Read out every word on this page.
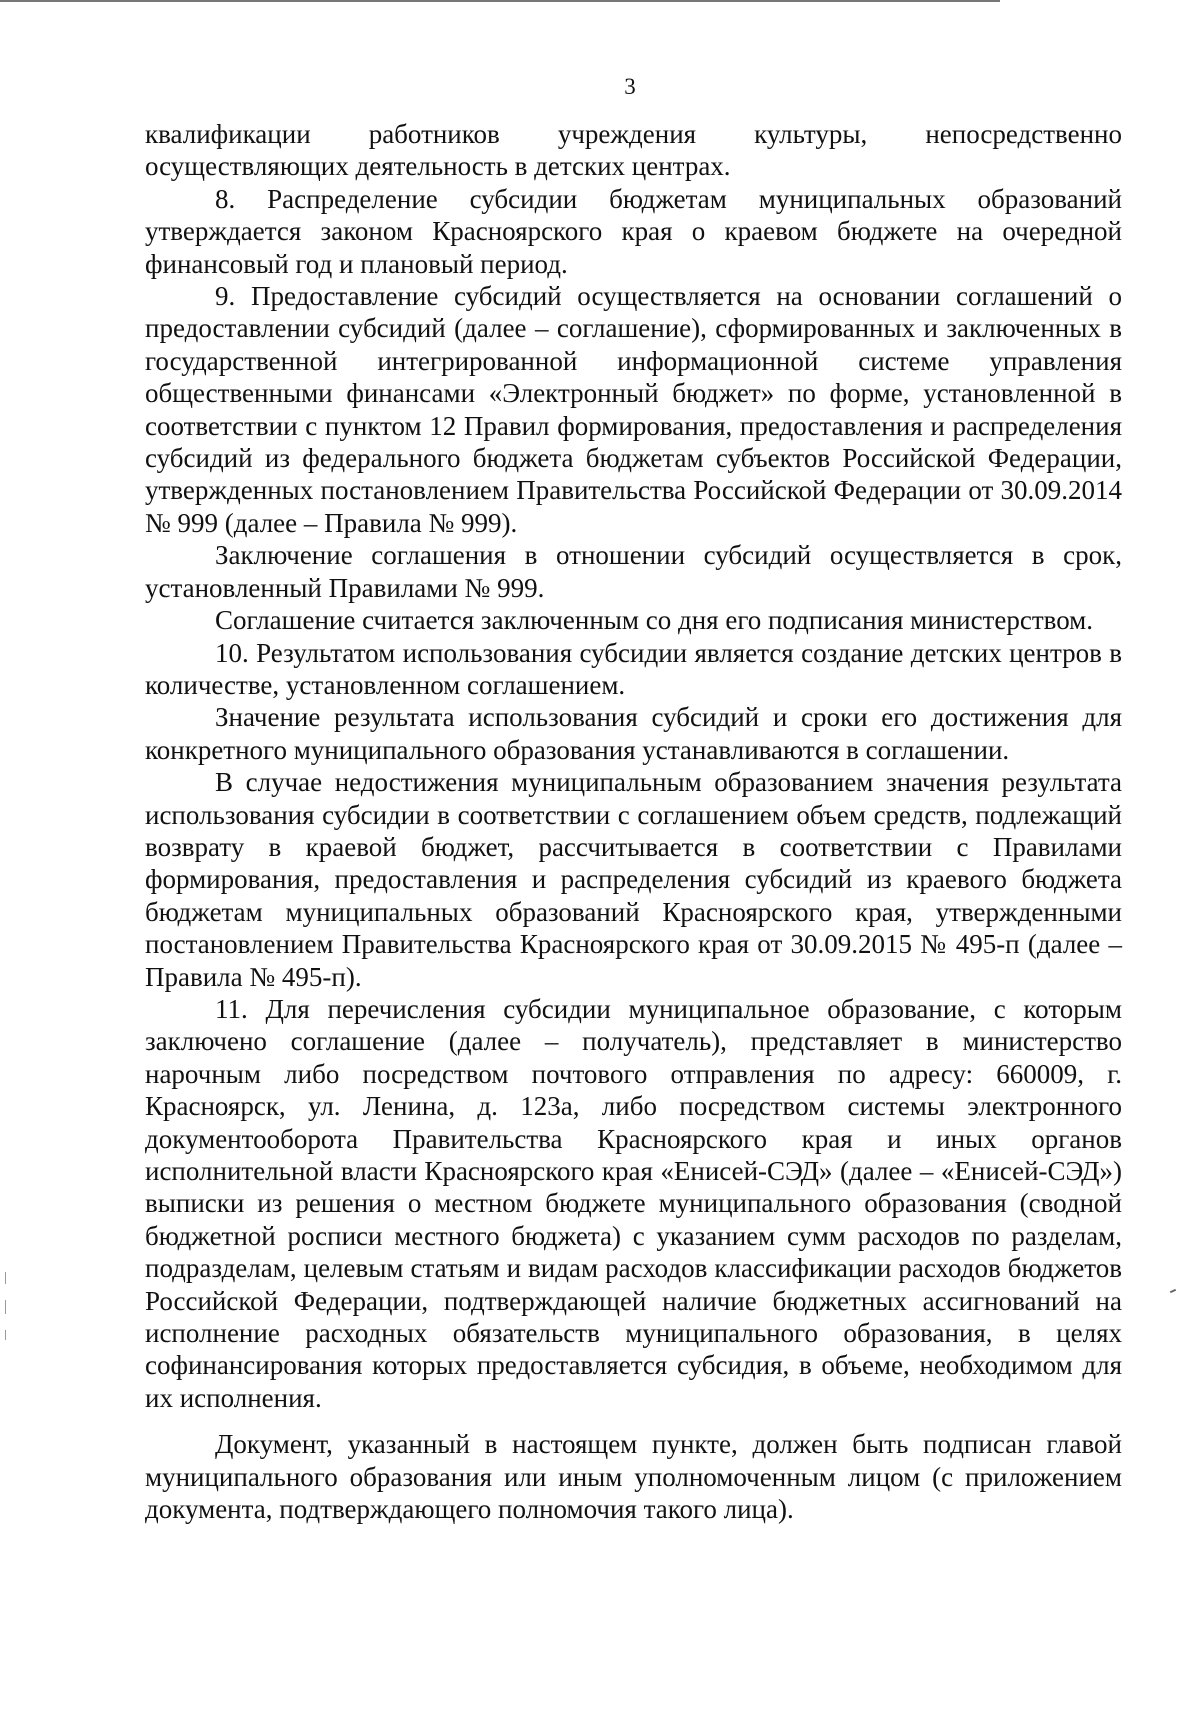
3

квалификации работников учреждения культуры, непосредственно осуществляющих деятельность в детских центрах.

8. Распределение субсидии бюджетам муниципальных образований утверждается законом Красноярского края о краевом бюджете на очередной финансовый год и плановый период.

9. Предоставление субсидий осуществляется на основании соглашений о предоставлении субсидий (далее – соглашение), сформированных и заключенных в государственной интегрированной информационной системе управления общественными финансами «Электронный бюджет» по форме, установленной в соответствии с пунктом 12 Правил формирования, предоставления и распределения субсидий из федерального бюджета бюджетам субъектов Российской Федерации, утвержденных постановлением Правительства Российской Федерации от 30.09.2014 № 999 (далее – Правила № 999).

Заключение соглашения в отношении субсидий осуществляется в срок, установленный Правилами № 999.

Соглашение считается заключенным со дня его подписания министерством.

10. Результатом использования субсидии является создание детских центров в количестве, установленном соглашением.

Значение результата использования субсидий и сроки его достижения для конкретного муниципального образования устанавливаются в соглашении.

В случае недостижения муниципальным образованием значения результата использования субсидии в соответствии с соглашением объем средств, подлежащий возврату в краевой бюджет, рассчитывается в соответствии с Правилами формирования, предоставления и распределения субсидий из краевого бюджета бюджетам муниципальных образований Красноярского края, утвержденными постановлением Правительства Красноярского края от 30.09.2015 № 495-п (далее – Правила № 495-п).

11. Для перечисления субсидии муниципальное образование, с которым заключено соглашение (далее – получатель), представляет в министерство нарочным либо посредством почтового отправления по адресу: 660009, г. Красноярск, ул. Ленина, д. 123а, либо посредством системы электронного документооборота Правительства Красноярского края и иных органов исполнительной власти Красноярского края «Енисей-СЭД» (далее – «Енисей-СЭД») выписки из решения о местном бюджете муниципального образования (сводной бюджетной росписи местного бюджета) с указанием сумм расходов по разделам, подразделам, целевым статьям и видам расходов классификации расходов бюджетов Российской Федерации, подтверждающей наличие бюджетных ассигнований на исполнение расходных обязательств муниципального образования, в целях софинансирования которых предоставляется субсидия, в объеме, необходимом для их исполнения.

Документ, указанный в настоящем пункте, должен быть подписан главой муниципального образования или иным уполномоченным лицом (с приложением документа, подтверждающего полномочия такого лица).
